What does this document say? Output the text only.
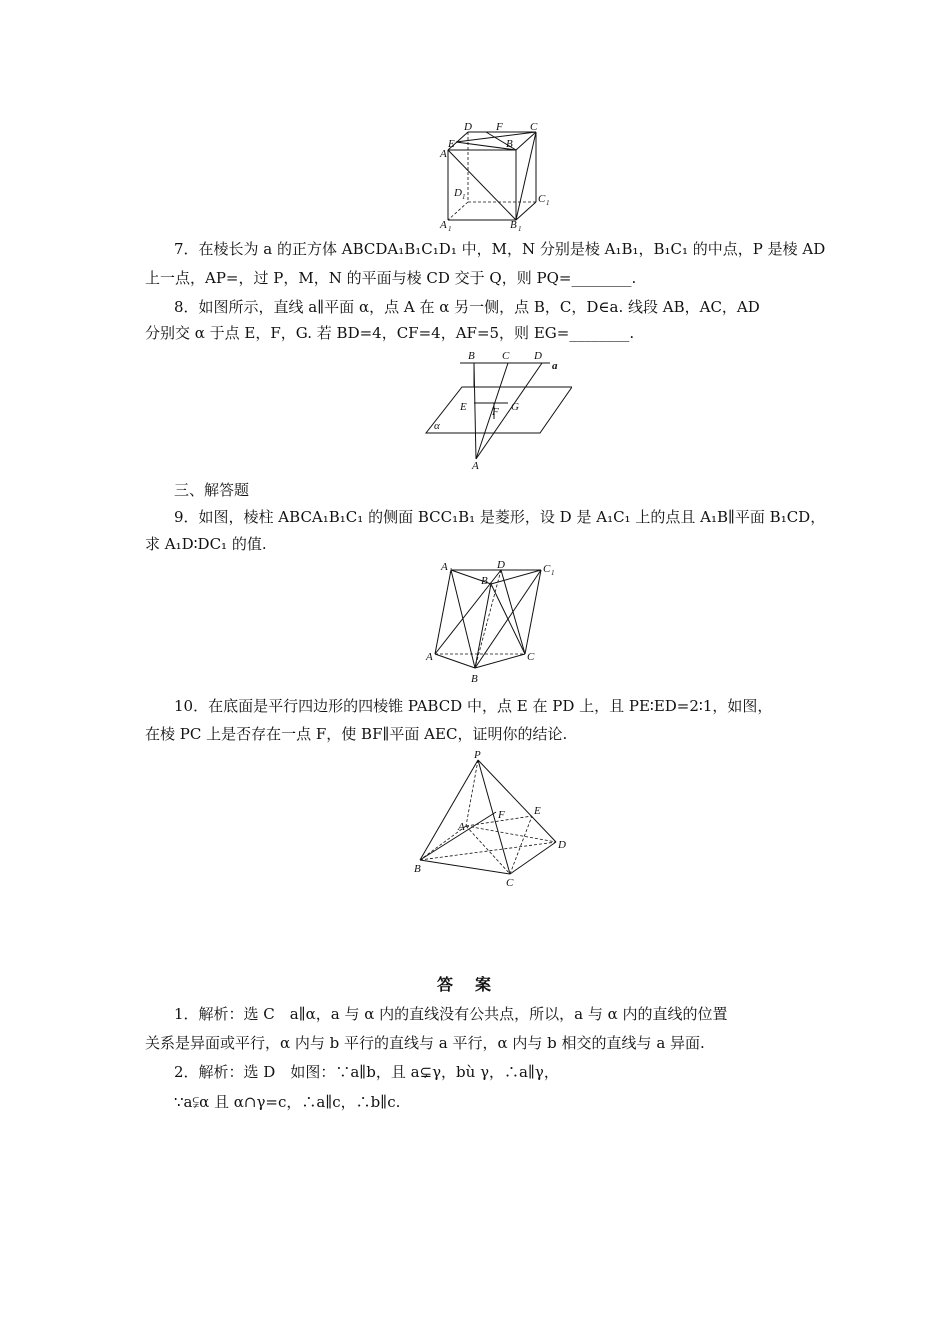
D F C
E	B
A
D 1	C 1
A 1	B 1
7．在棱长为 a 的正方体 ABCDA₁B₁C₁D₁ 中，M，N 分别是棱 A₁B₁，B₁C₁ 的中点，P 是棱 AD
上一点，AP=，过 P，M，N 的平面与棱 CD 交于 Q，则 PQ=________.
8．如图所示，直线 a∥平面 α，点 A 在 α 另一侧，点 B，C，D∈a. 线段 AB，AC，AD
分别交 α 于点 E，F，G. 若 BD=4，CF=4，AF=5，则 EG=________.
B C D
a
E F G
α
A
三、解答题
9．如图，棱柱 ABCA₁B₁C₁ 的侧面 BCC₁B₁ 是菱形，设 D 是 A₁C₁ 上的点且 A₁B∥平面 B₁CD，
求 A₁D∶DC₁ 的值.
A 1	D	C 1
B 1
A	C
B
10．在底面是平行四边形的四棱锥 PABCD 中，点 E 在 PD 上，且 PE∶ED=2∶1，如图，
在棱 PC 上是否存在一点 F，使 BF∥平面 AEC，证明你的结论.
P
F	E
A
D
B
C
答案
1．解析：选 C　a∥α，a 与 α 内的直线没有公共点，所以，a 与 α 内的直线的位置
关系是异面或平行，α 内与 b 平行的直线与 a 平行，α 内与 b 相交的直线与 a 异面.
2．解析：选 D　如图：∵a∥b，且 a⊊γ，bù γ，∴a∥γ，
∵a⫋α 且 α∩γ=c，∴a∥c，∴b∥c.
